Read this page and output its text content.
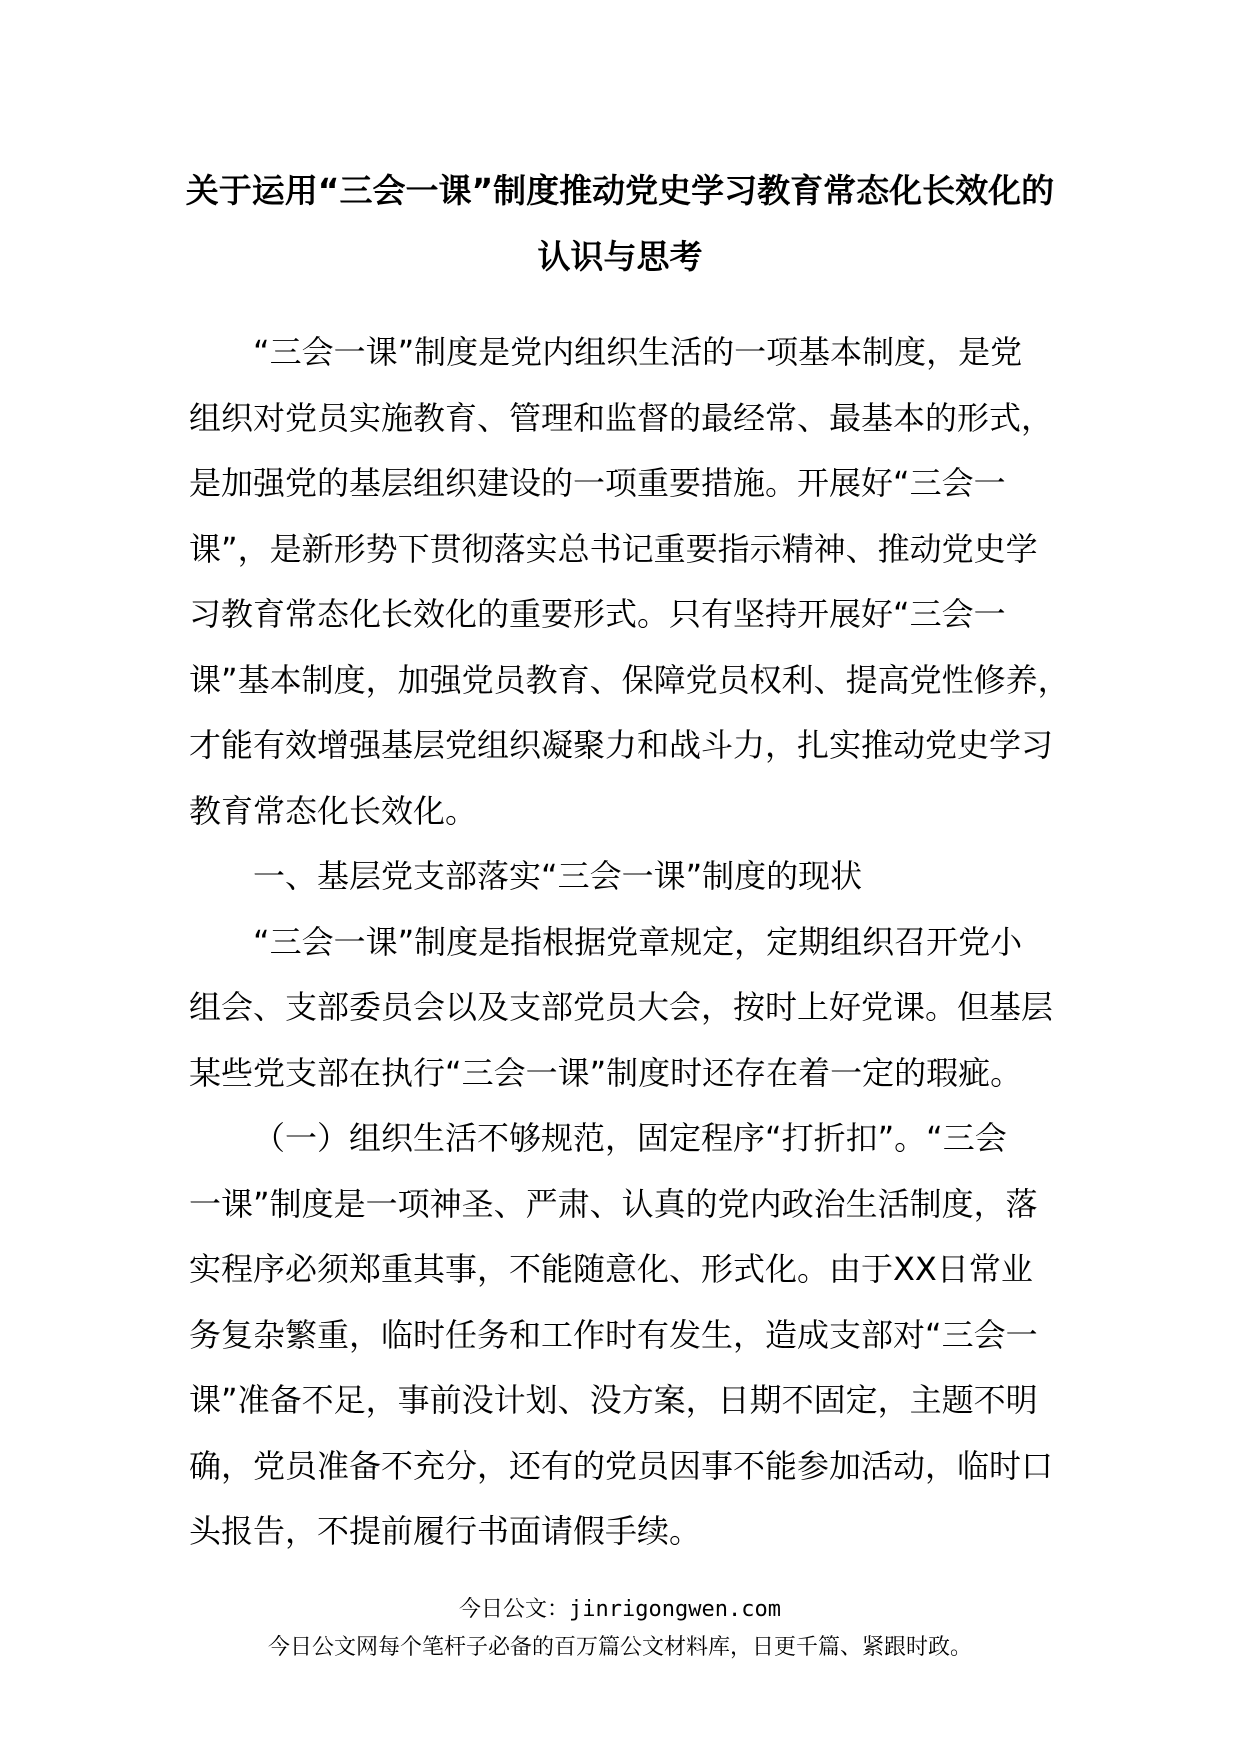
关于运用“三会一课”制度推动党史学习教育常态化长效化的
认识与思考
“三会一课”制度是党内组织生活的一项基本制度，是党
组织对党员实施教育、管理和监督的最经常、最基本的形式，
是加强党的基层组织建设的一项重要措施。开展好“三会一
课”，是新形势下贯彻落实总书记重要指示精神、推动党史学
习教育常态化长效化的重要形式。只有坚持开展好“三会一
课”基本制度，加强党员教育、保障党员权利、提高党性修养，
才能有效增强基层党组织凝聚力和战斗力，扎实推动党史学习
教育常态化长效化。
一、基层党支部落实“三会一课”制度的现状
“三会一课”制度是指根据党章规定，定期组织召开党小
组会、支部委员会以及支部党员大会，按时上好党课。但基层
某些党支部在执行“三会一课”制度时还存在着一定的瑕疵。
（一）组织生活不够规范，固定程序“打折扣”。“三会
一课”制度是一项神圣、严肃、认真的党内政治生活制度，落
实程序必须郑重其事，不能随意化、形式化。由于XX日常业
务复杂繁重，临时任务和工作时有发生，造成支部对“三会一
课”准备不足，事前没计划、没方案，日期不固定，主题不明
确，党员准备不充分，还有的党员因事不能参加活动，临时口
头报告，不提前履行书面请假手续。
今日公文：jinrigongwen.com
今日公文网每个笔杆子必备的百万篇公文材料库，日更千篇、紧跟时政。
